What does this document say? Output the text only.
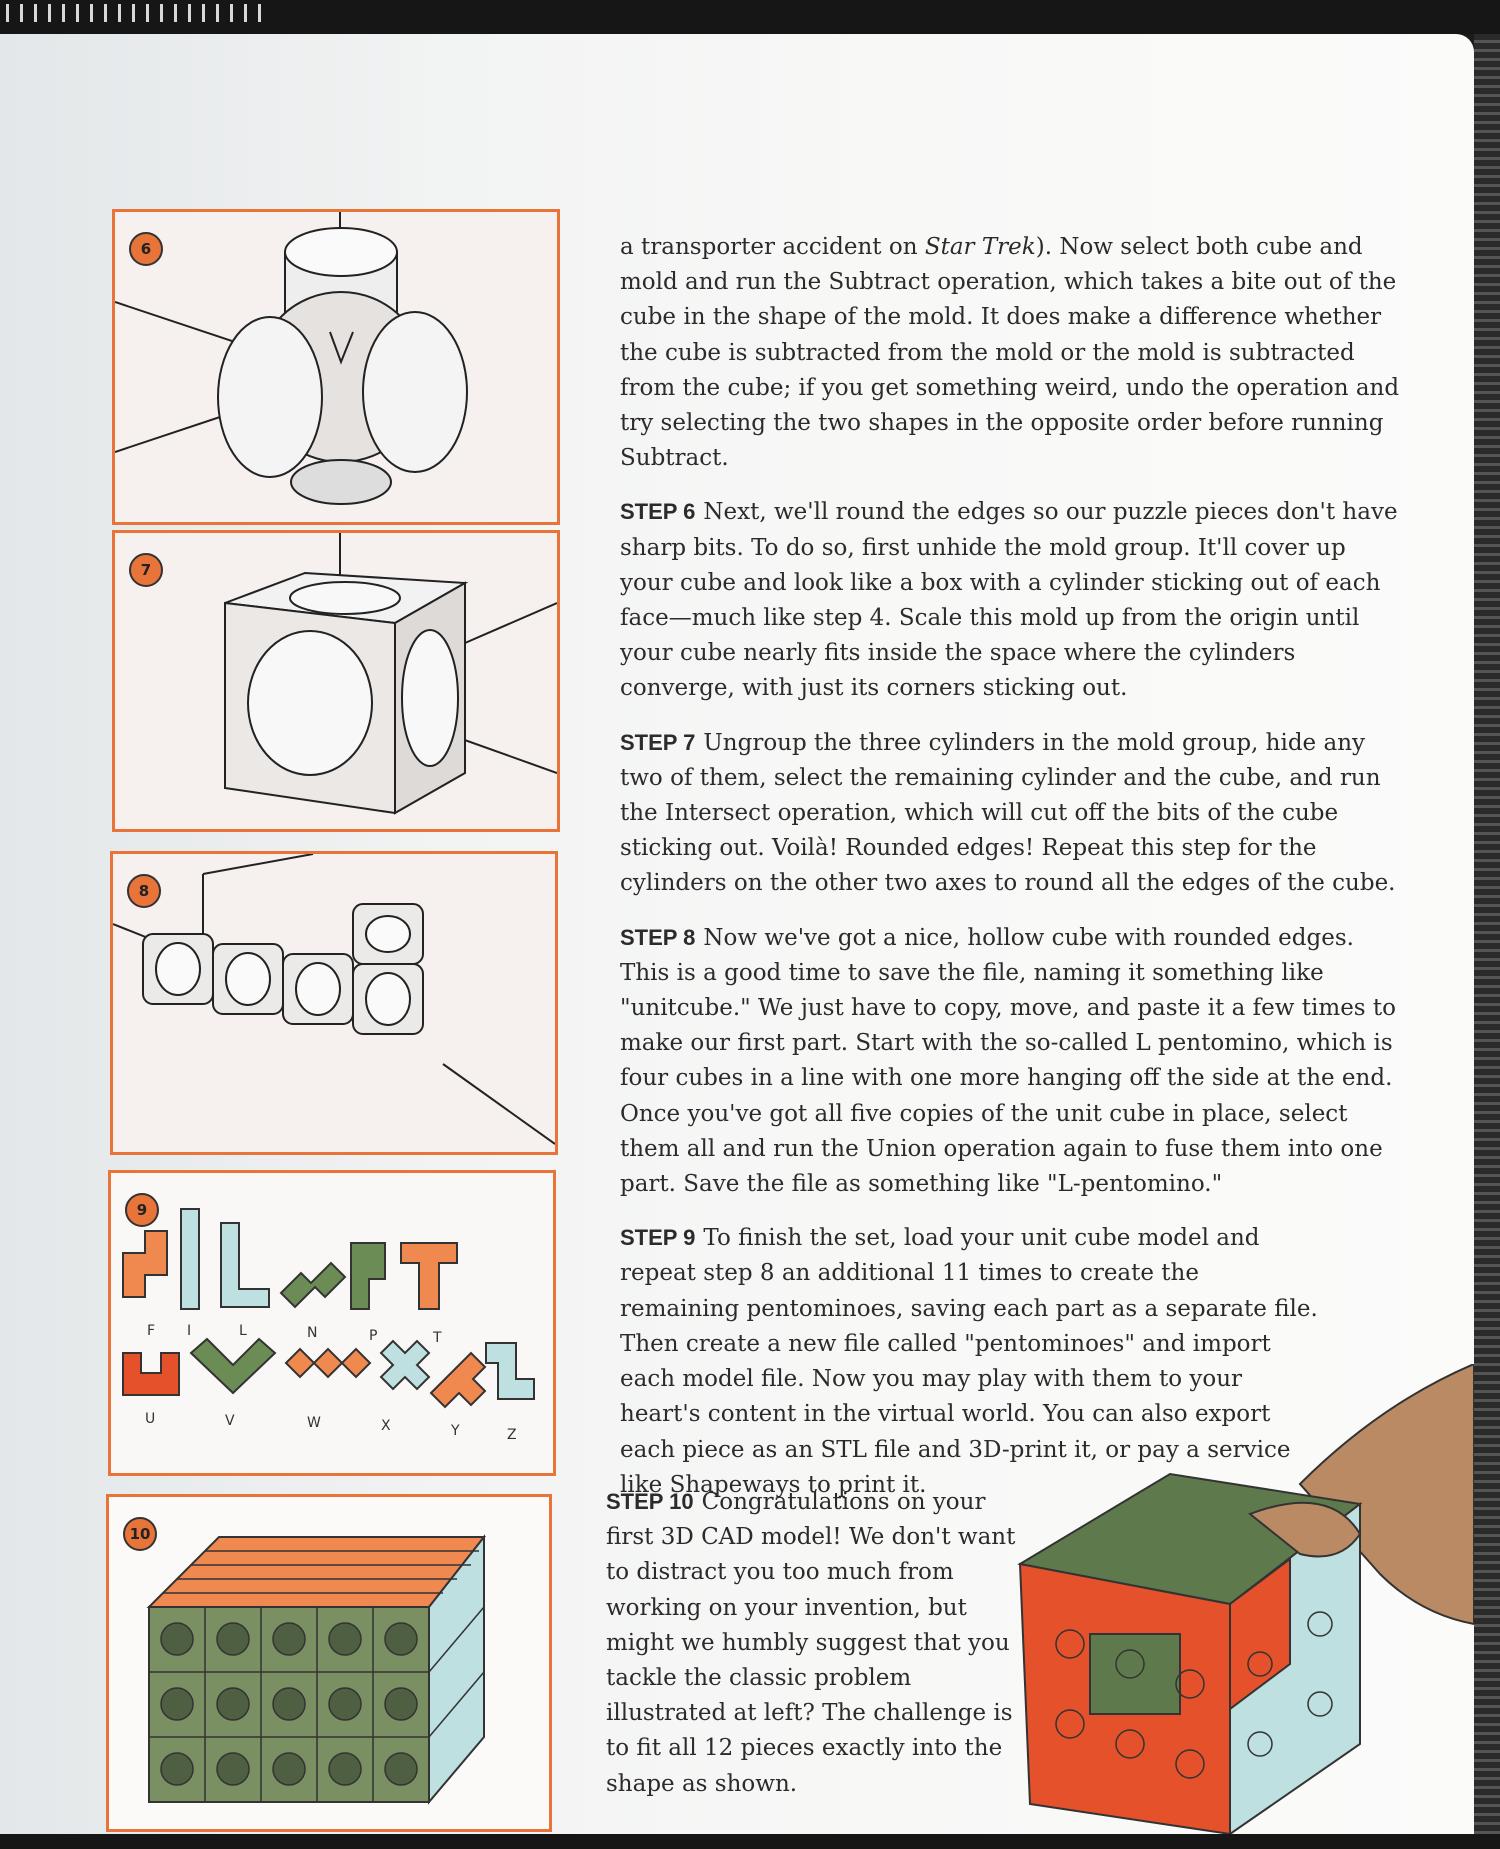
6
7
8
9
F I	L	N	P	T
U	V	W	X	Y	Z
10

a transporter accident on Star Trek). Now select both cube and mold and run the Subtract operation, which takes a bite out of the cube in the shape of the mold. It does make a difference whether the cube is subtracted from the mold or the mold is subtracted from the cube; if you get something weird, undo the operation and try selecting the two shapes in the opposite order before running Subtract.

STEP 6 Next, we'll round the edges so our puzzle pieces don't have sharp bits. To do so, first unhide the mold group. It'll cover up your cube and look like a box with a cylinder sticking out of each face—much like step 4. Scale this mold up from the origin until your cube nearly fits inside the space where the cylinders converge, with just its corners sticking out.

STEP 7 Ungroup the three cylinders in the mold group, hide any two of them, select the remaining cylinder and the cube, and run the Intersect operation, which will cut off the bits of the cube sticking out. Voilà! Rounded edges! Repeat this step for the cylinders on the other two axes to round all the edges of the cube.

STEP 8 Now we've got a nice, hollow cube with rounded edges. This is a good time to save the file, naming it something like "unitcube." We just have to copy, move, and paste it a few times to make our first part. Start with the so-called L pentomino, which is four cubes in a line with one more hanging off the side at the end. Once you've got all five copies of the unit cube in place, select them all and run the Union operation again to fuse them into one part. Save the file as something like "L-pentomino."

STEP 9 To finish the set, load your unit cube model and repeat step 8 an additional 11 times to create the remaining pentominoes, saving each part as a separate file. Then create a new file called "pentominoes" and import each model file. Now you may play with them to your heart's content in the virtual world. You can also export each piece as an STL file and 3D-print it, or pay a service like Shapeways to print it.

STEP 10 Congratulations on your first 3D CAD model! We don't want to distract you too much from working on your invention, but might we humbly suggest that you tackle the classic problem illustrated at left? The challenge is to fit all 12 pieces exactly into the shape as shown.
